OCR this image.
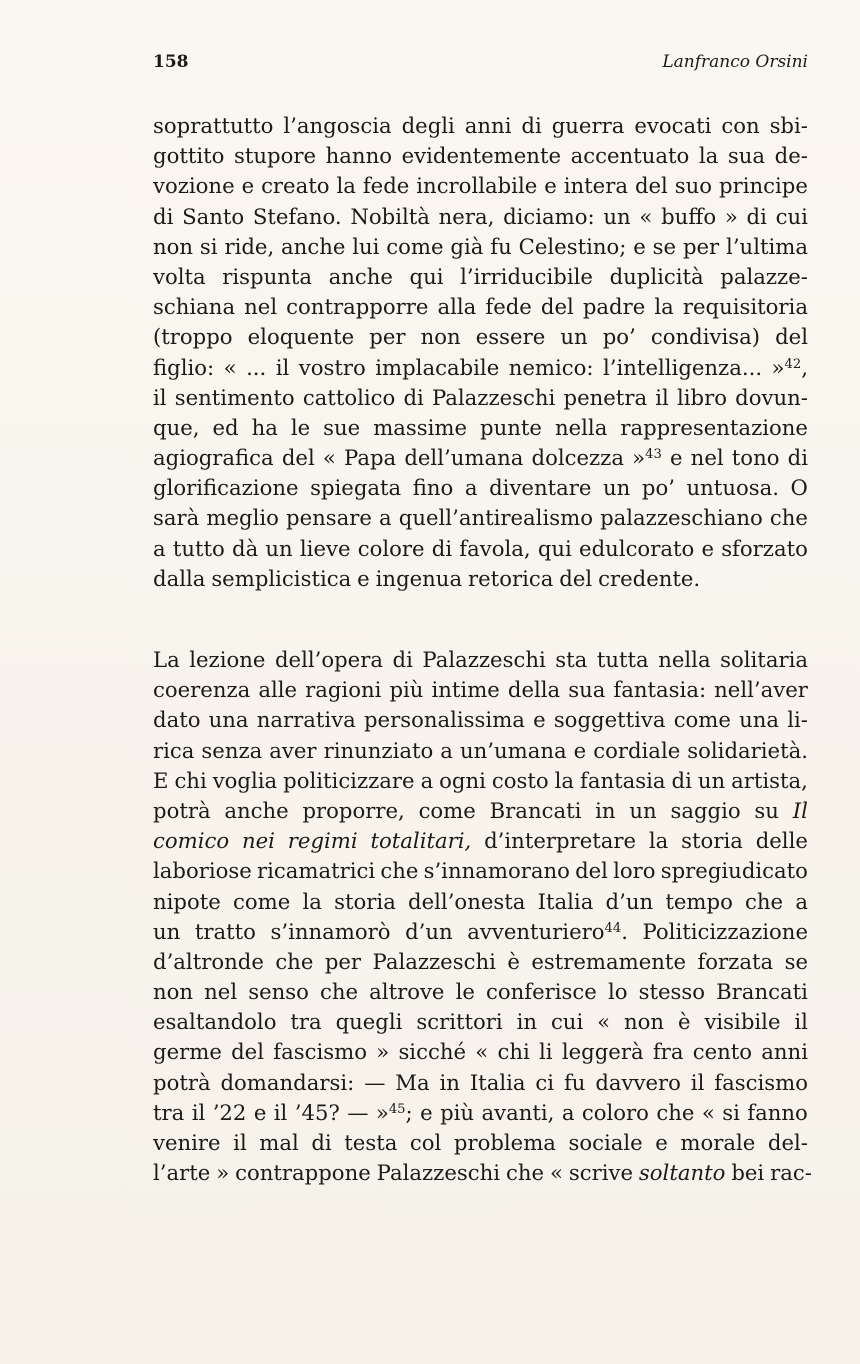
158	Lanfranco Orsini
soprattutto l’angoscia degli anni di guerra evocati con sbi-
gottito stupore hanno evidentemente accentuato la sua de-
vozione e creato la fede incrollabile e intera del suo principe
di Santo Stefano. Nobiltà nera, diciamo: un « buffo » di cui
non si ride, anche lui come già fu Celestino; e se per l’ultima
volta rispunta anche qui l’irriducibile duplicità palazze-
schiana nel contrapporre alla fede del padre la requisitoria
(troppo eloquente per non essere un po’ condivisa) del
figlio: « ... il vostro implacabile nemico: l’intelligenza... »$^{42}$,
il sentimento cattolico di Palazzeschi penetra il libro dovun-
que, ed ha le sue massime punte nella rappresentazione
agiografica del « Papa dell’umana dolcezza »$^{43}$ e nel tono di
glorificazione spiegata fino a diventare un po’ untuosa. O
sarà meglio pensare a quell’antirealismo palazzeschiano che
a tutto dà un lieve colore di favola, qui edulcorato e sforzato
dalla semplicistica e ingenua retorica del credente.
La lezione dell’opera di Palazzeschi sta tutta nella solitaria
coerenza alle ragioni più intime della sua fantasia: nell’aver
dato una narrativa personalissima e soggettiva come una li-
rica senza aver rinunziato a un’umana e cordiale solidarietà.
E chi voglia politicizzare a ogni costo la fantasia di un artista,
potrà anche proporre, come Brancati in un saggio su Il
comico nei regimi totalitari, d’interpretare la storia delle
laboriose ricamatrici che s’innamorano del loro spregiudicato
nipote come la storia dell’onesta Italia d’un tempo che a
un tratto s’innamorò d’un avventuriero$^{44}$. Politicizzazione
d’altronde che per Palazzeschi è estremamente forzata se
non nel senso che altrove le conferisce lo stesso Brancati
esaltandolo tra quegli scrittori in cui « non è visibile il
germe del fascismo » sicché « chi li leggerà fra cento anni
potrà domandarsi: — Ma in Italia ci fu davvero il fascismo
tra il ’22 e il ’45? — »$^{45}$; e più avanti, a coloro che « si fanno
venire il mal di testa col problema sociale e morale del-
l’arte » contrappone Palazzeschi che « scrive soltanto bei rac-
